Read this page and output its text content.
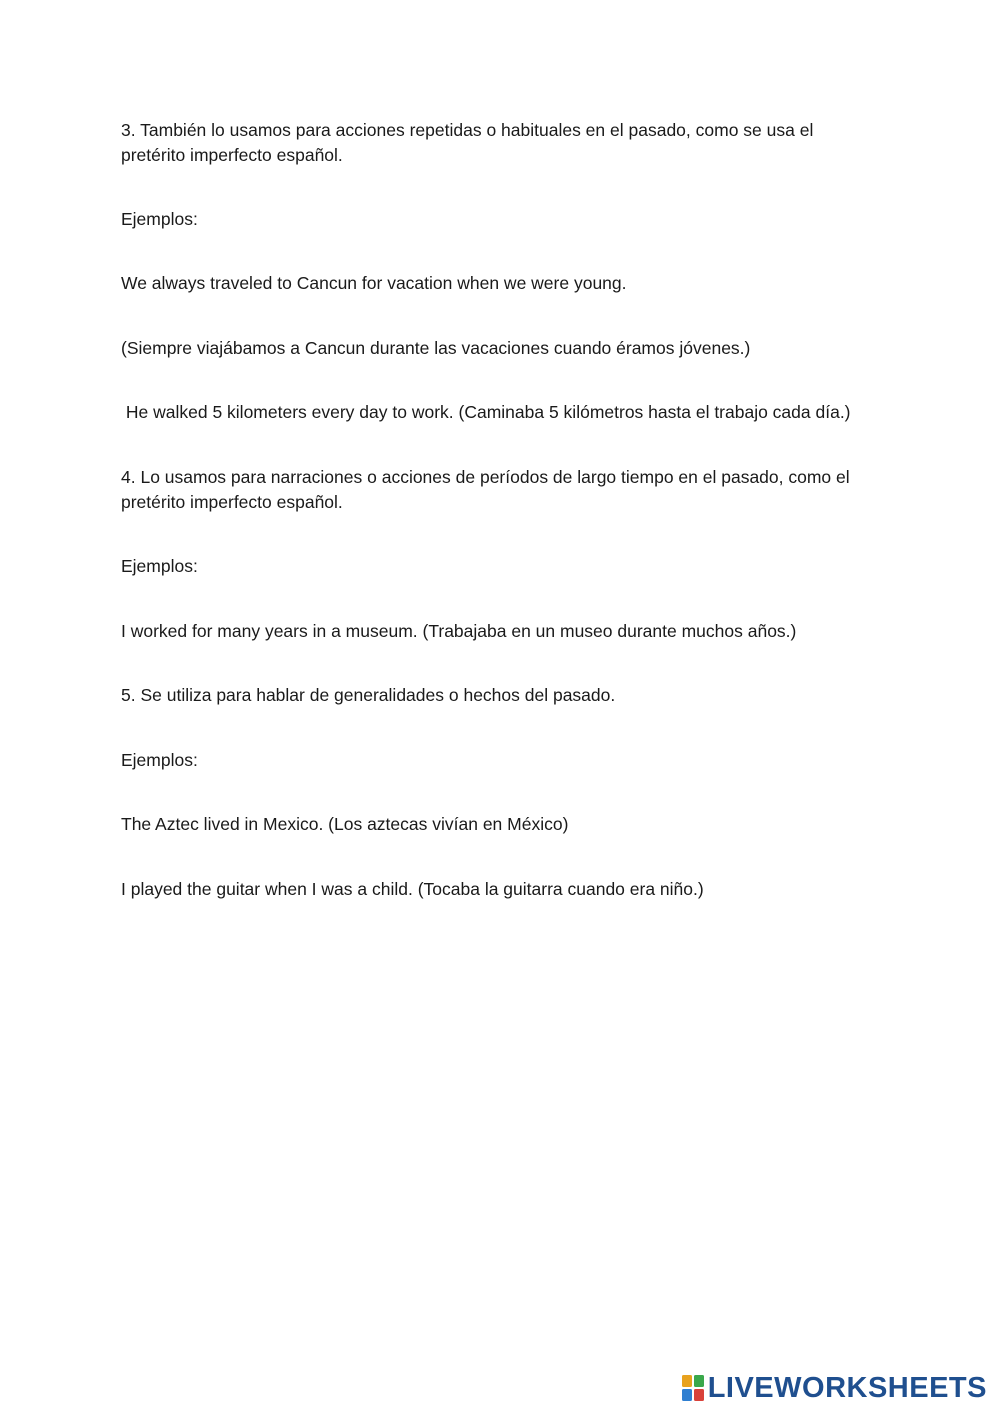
3. También lo usamos para acciones repetidas o habituales en el pasado, como se usa el pretérito imperfecto español.

Ejemplos:

We always traveled to Cancun for vacation when we were young.

(Siempre viajábamos a Cancun durante las vacaciones cuando éramos jóvenes.)

He walked 5 kilometers every day to work. (Caminaba 5 kilómetros hasta el trabajo cada día.)

4. Lo usamos para narraciones o acciones de períodos de largo tiempo en el pasado, como el pretérito imperfecto español.

Ejemplos:

I worked for many years in a museum. (Trabajaba en un museo durante muchos años.)

5. Se utiliza para hablar de generalidades o hechos del pasado.

Ejemplos:

The Aztec lived in Mexico. (Los aztecas vivían en México)

I played the guitar when I was a child. (Tocaba la guitarra cuando era niño.)

LIVEWORKSHEETS
